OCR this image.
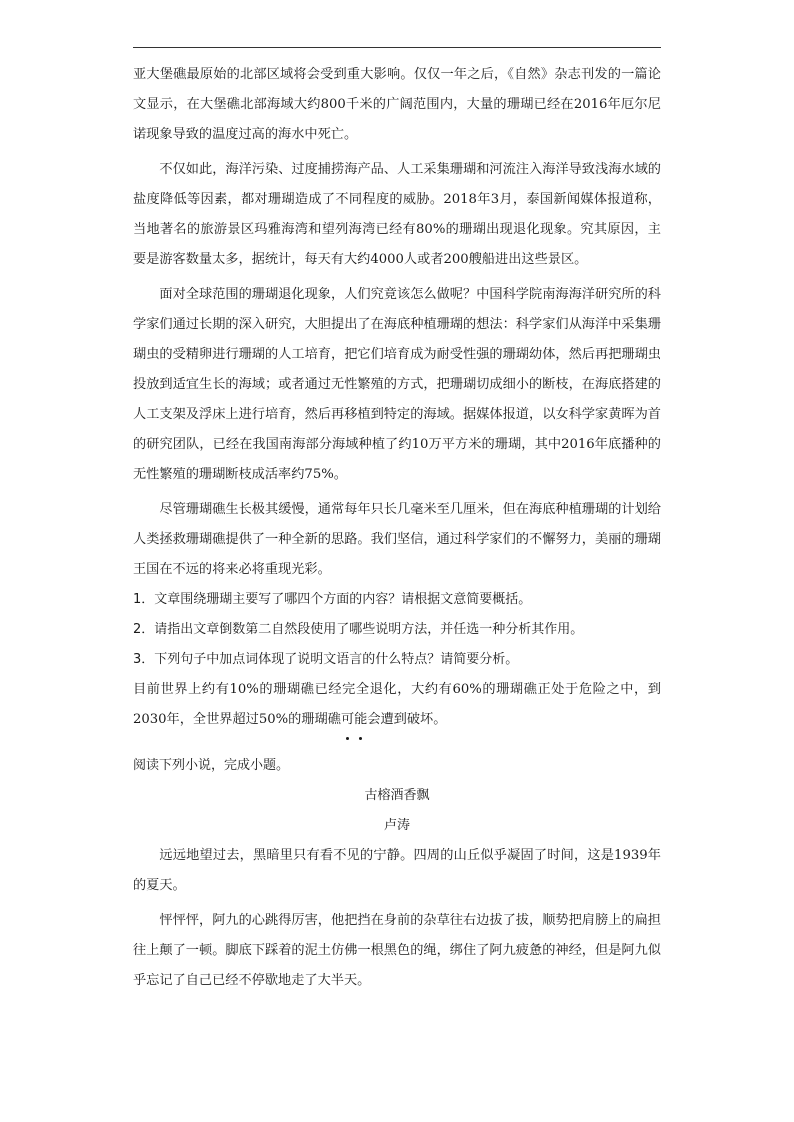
亚大堡礁最原始的北部区域将会受到重大影响。仅仅一年之后，《自然》杂志刊发的一篇论文显示，在大堡礁北部海域大约800千米的广阔范围内，大量的珊瑚已经在2016年厄尔尼诺现象导致的温度过高的海水中死亡。

不仅如此，海洋污染、过度捕捞海产品、人工采集珊瑚和河流注入海洋导致浅海水域的盐度降低等因素，都对珊瑚造成了不同程度的威胁。2018年3月，泰国新闻媒体报道称，当地著名的旅游景区玛雅海湾和望列海湾已经有80%的珊瑚出现退化现象。究其原因，主要是游客数量太多，据统计，每天有大约4000人或者200艘船进出这些景区。

面对全球范围的珊瑚退化现象，人们究竟该怎么做呢？中国科学院南海海洋研究所的科学家们通过长期的深入研究，大胆提出了在海底种植珊瑚的想法：科学家们从海洋中采集珊瑚虫的受精卵进行珊瑚的人工培育，把它们培育成为耐受性强的珊瑚幼体，然后再把珊瑚虫投放到适宜生长的海域；或者通过无性繁殖的方式，把珊瑚切成细小的断枝，在海底搭建的人工支架及浮床上进行培育，然后再移植到特定的海域。据媒体报道，以女科学家黄晖为首的研究团队，已经在我国南海部分海域种植了约10万平方米的珊瑚，其中2016年底播种的无性繁殖的珊瑚断枝成活率约75%。

尽管珊瑚礁生长极其缓慢，通常每年只长几毫米至几厘米，但在海底种植珊瑚的计划给人类拯救珊瑚礁提供了一种全新的思路。我们坚信，通过科学家们的不懈努力，美丽的珊瑚王国在不远的将来必将重现光彩。

1．文章围绕珊瑚主要写了哪四个方面的内容？请根据文意简要概括。

2．请指出文章倒数第二自然段使用了哪些说明方法，并任选一种分析其作用。

3．下列句子中加点词体现了说明文语言的什么特点？请简要分析。

目前世界上约有10%的珊瑚礁已经完全退化，大约有60%的珊瑚礁正处于危险之中，到2030年，全世界超过50%的珊瑚礁可能会遭到破坏。

阅读下列小说，完成小题。

古榕酒香飘

卢涛

远远地望过去，黑暗里只有看不见的宁静。四周的山丘似乎凝固了时间，这是1939年的夏天。

怦怦怦，阿九的心跳得厉害，他把挡在身前的杂草往右边拔了拔，顺势把肩膀上的扁担往上颠了一顿。脚底下踩着的泥土仿佛一根黑色的绳，绑住了阿九疲惫的神经，但是阿九似乎忘记了自己已经不停歇地走了大半天。
